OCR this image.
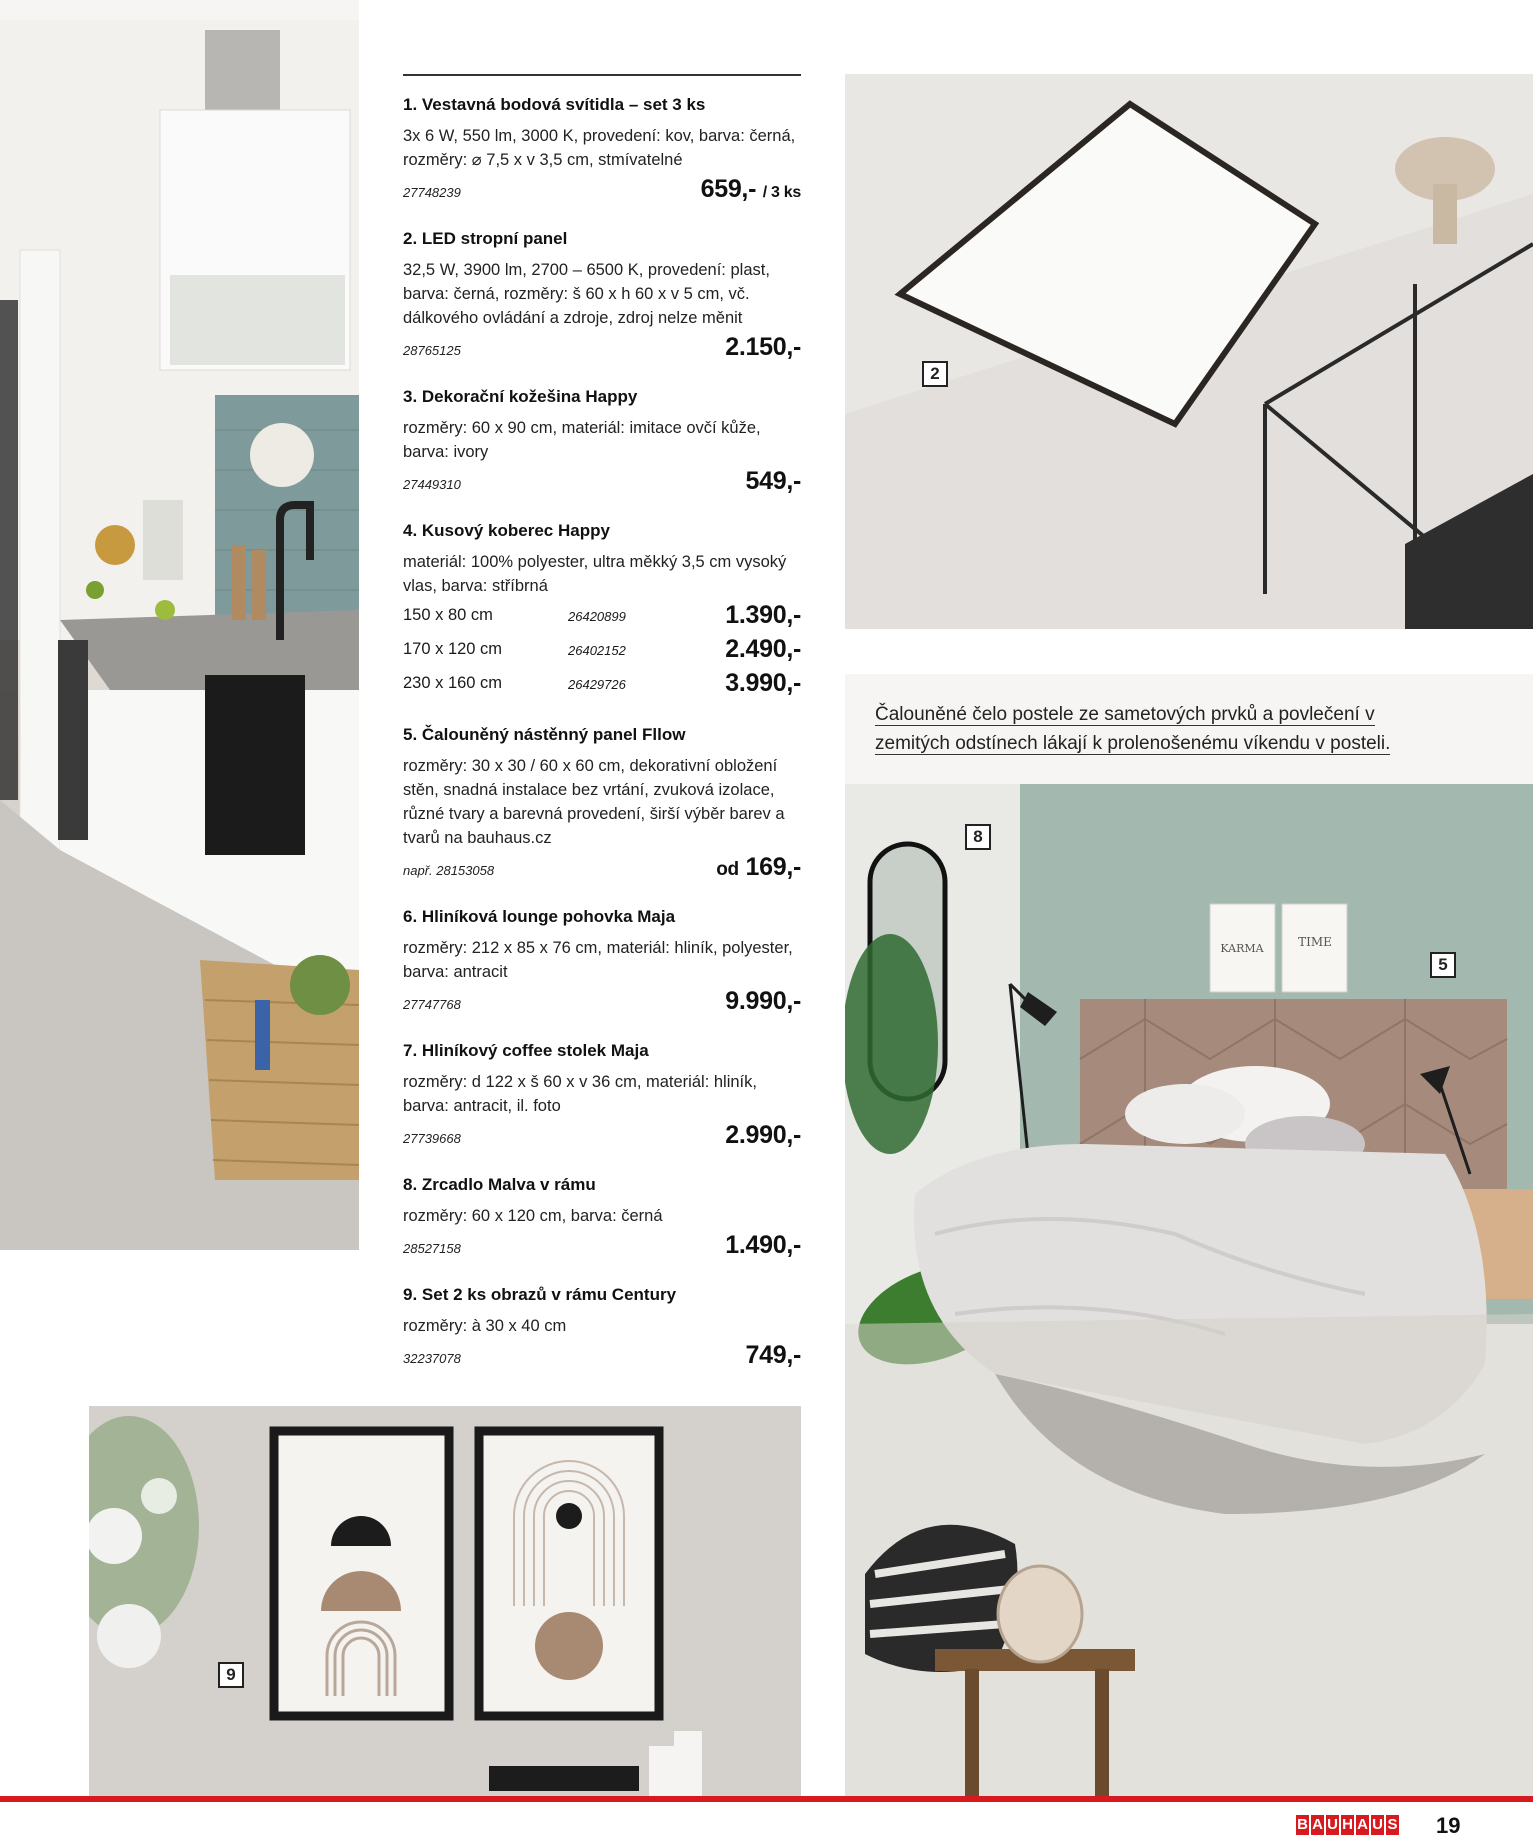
2
KARMA	TIME
8
5
Čalouněné čelo postele ze sametových prvků a povlečení v zemitých odstínech lákají k prolenošenému víkendu v posteli.
9
1. Vestavná bodová svítidla – set 3 ks

3x 6 W, 550 lm, 3000 K, provedení: kov, barva: černá, rozměry: ⌀ 7,5 x v 3,5 cm, stmívatelné

27748239	659,- / 3 ks
2. LED stropní panel

32,5 W, 3900 lm, 2700 – 6500 K, provedení: plast, barva: černá, rozměry: š 60 x h 60 x v 5 cm, vč. dálkového ovládání a zdroje, zdroj nelze měnit

28765125	2.150,-
3. Dekorační kožešina Happy

rozměry: 60 x 90 cm, materiál: imitace ovčí kůže, barva: ivory

27449310	549,-
4. Kusový koberec Happy

materiál: 100% polyester, ultra měkký 3,5 cm vysoký vlas, barva: stříbrná

150 x 80 cm	26420899	1.390,-
170 x 120 cm	26402152	2.490,-
230 x 160 cm	26429726	3.990,-
5. Čalouněný nástěnný panel Fllow

rozměry: 30 x 30 / 60 x 60 cm, dekorativní obložení stěn, snadná instalace bez vrtání, zvuková izolace, různé tvary a barevná provedení, širší výběr barev a tvarů na bauhaus.cz

např. 28153058	od 169,-
6. Hliníková lounge pohovka Maja

rozměry: 212 x 85 x 76 cm, materiál: hliník, polyester, barva: antracit

27747768	9.990,-
7. Hliníkový coffee stolek Maja

rozměry: d 122 x š 60 x v 36 cm, materiál: hliník, barva: antracit, il. foto

27739668	2.990,-
8. Zrcadlo Malva v rámu

rozměry: 60 x 120 cm, barva: černá

28527158	1.490,-
9. Set 2 ks obrazů v rámu Century

rozměry: à 30 x 40 cm

32237078	749,-
B A U H A U S 19
